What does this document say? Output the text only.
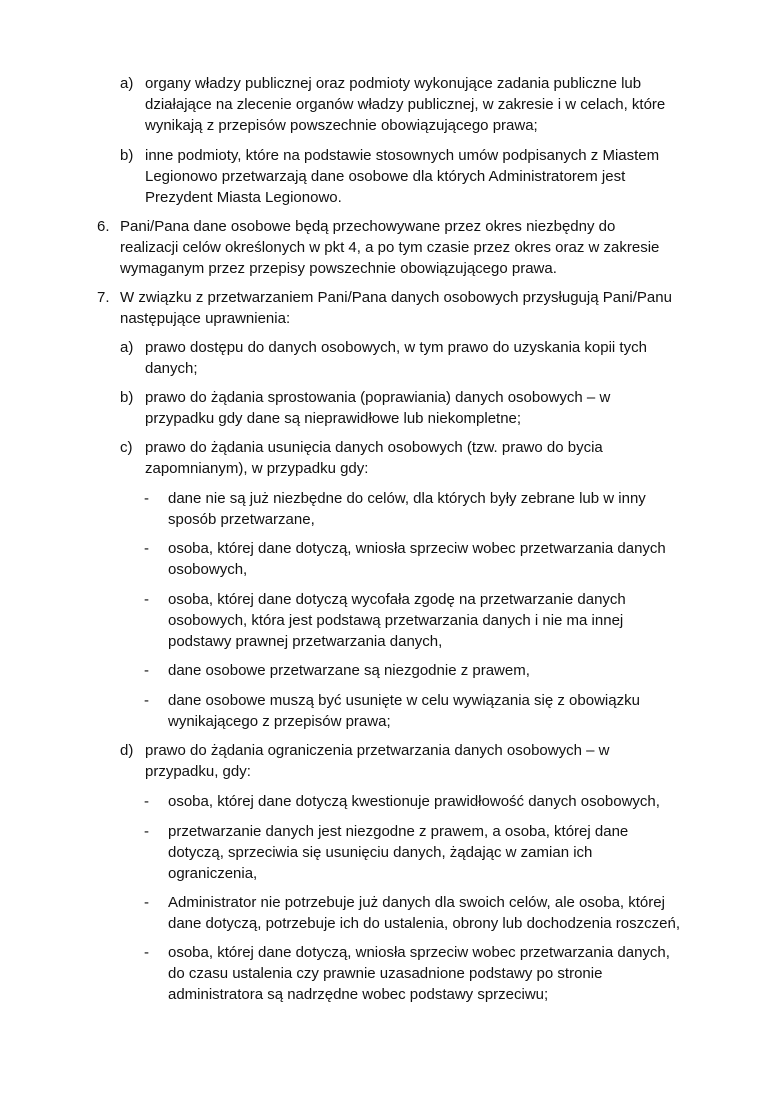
a) organy władzy publicznej oraz podmioty wykonujące zadania publiczne lub
działające na zlecenie organów władzy publicznej, w zakresie i w celach, które
wynikają z przepisów powszechnie obowiązującego prawa;
b) inne podmioty, które na podstawie stosownych umów podpisanych z Miastem
Legionowo przetwarzają dane osobowe dla których Administratorem jest
Prezydent Miasta Legionowo.
6. Pani/Pana dane osobowe będą przechowywane przez okres niezbędny do
realizacji celów określonych w pkt 4, a po tym czasie przez okres oraz w zakresie
wymaganym przez przepisy powszechnie obowiązującego prawa.
7. W związku z przetwarzaniem Pani/Pana danych osobowych przysługują Pani/Panu
następujące uprawnienia:
a) prawo dostępu do danych osobowych, w tym prawo do uzyskania kopii tych
danych;
b) prawo do żądania sprostowania (poprawiania) danych osobowych – w
przypadku gdy dane są nieprawidłowe lub niekompletne;
c) prawo do żądania usunięcia danych osobowych (tzw. prawo do bycia
zapomnianym), w przypadku gdy:
- dane nie są już niezbędne do celów, dla których były zebrane lub w inny
sposób przetwarzane,
- osoba, której dane dotyczą, wniosła sprzeciw wobec przetwarzania danych
osobowych,
- osoba, której dane dotyczą wycofała zgodę na przetwarzanie danych
osobowych, która jest podstawą przetwarzania danych i nie ma innej
podstawy prawnej przetwarzania danych,
- dane osobowe przetwarzane są niezgodnie z prawem,
- dane osobowe muszą być usunięte w celu wywiązania się z obowiązku
wynikającego z przepisów prawa;
d) prawo do żądania ograniczenia przetwarzania danych osobowych – w
przypadku, gdy:
- osoba, której dane dotyczą kwestionuje prawidłowość danych osobowych,
- przetwarzanie danych jest niezgodne z prawem, a osoba, której dane
dotyczą, sprzeciwia się usunięciu danych, żądając w zamian ich
ograniczenia,
- Administrator nie potrzebuje już danych dla swoich celów, ale osoba, której
dane dotyczą, potrzebuje ich do ustalenia, obrony lub dochodzenia roszczeń,
- osoba, której dane dotyczą, wniosła sprzeciw wobec przetwarzania danych,
do czasu ustalenia czy prawnie uzasadnione podstawy po stronie
administratora są nadrzędne wobec podstawy sprzeciwu;
